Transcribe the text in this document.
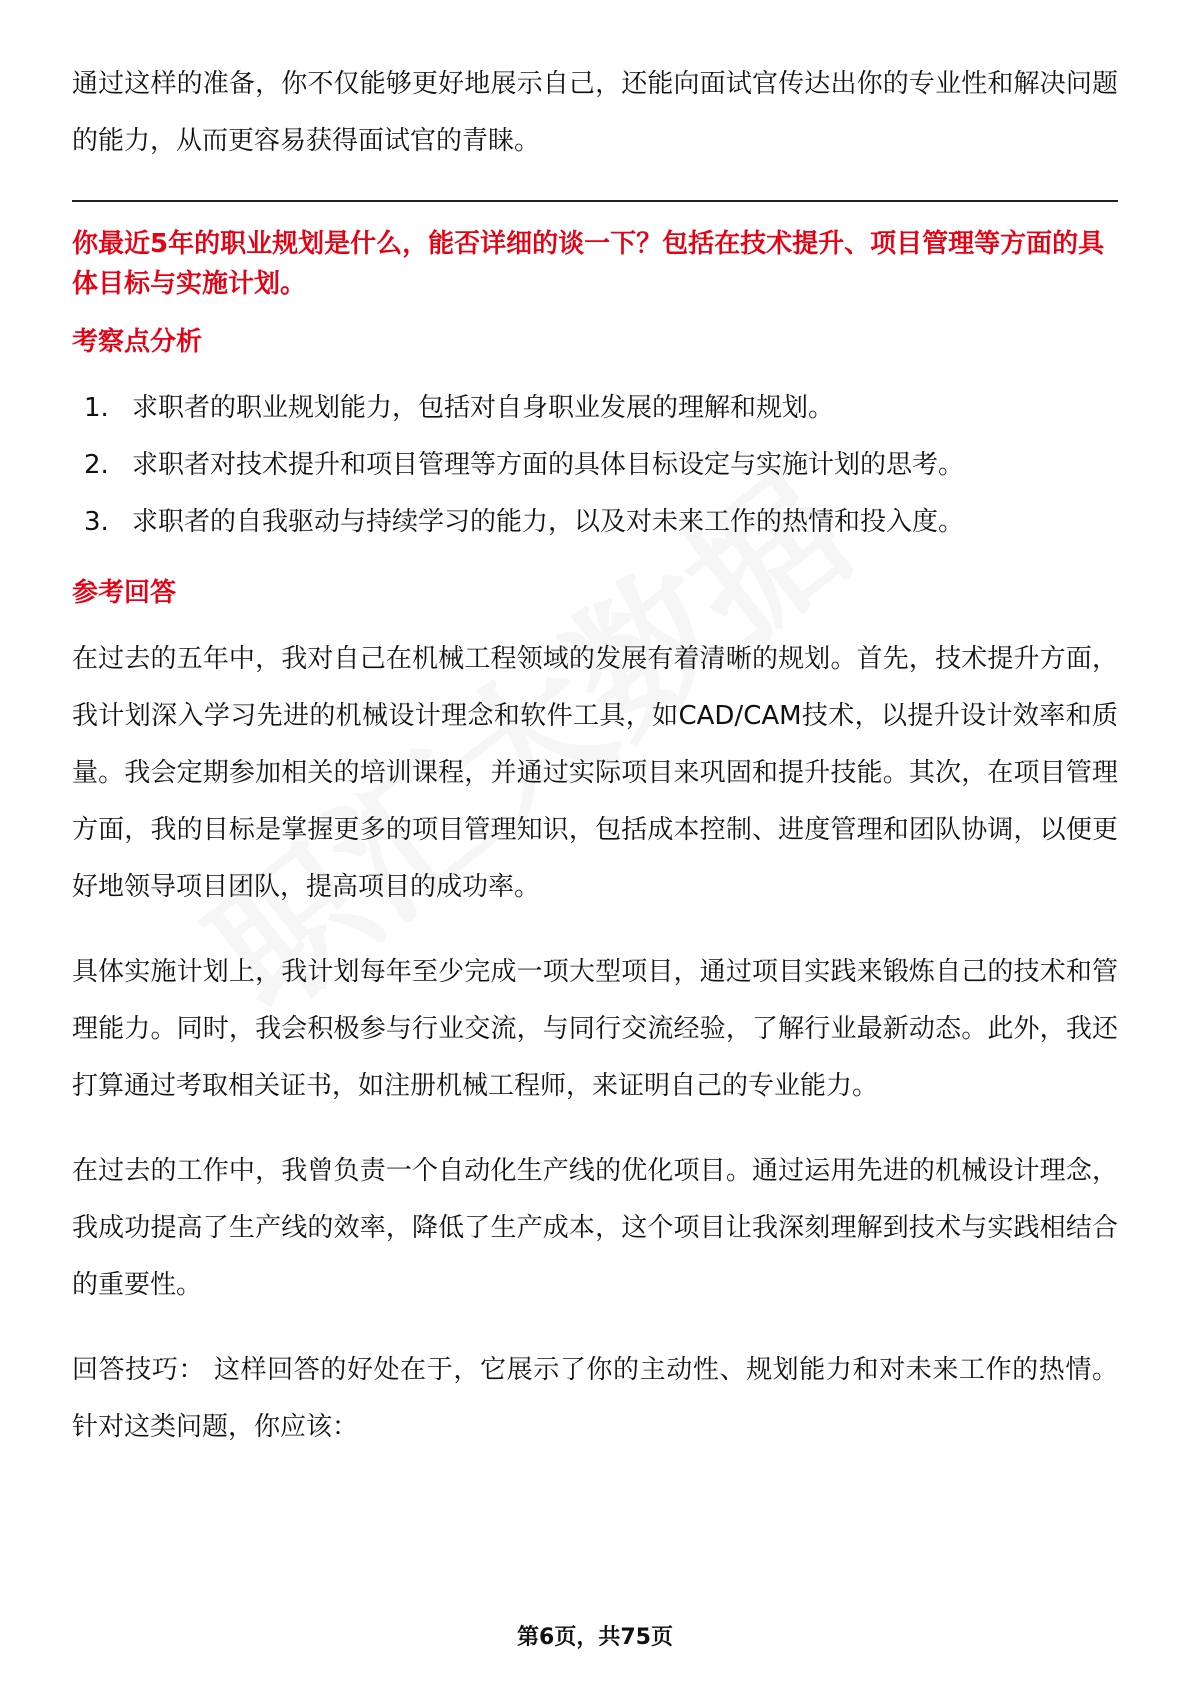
通过这样的准备，你不仅能够更好地展示自己，还能向面试官传达出你的专业性和解决问题的能力，从而更容易获得面试官的青睐。

你最近5年的职业规划是什么，能否详细的谈一下？包括在技术提升、项目管理等方面的具体目标与实施计划。

考察点分析
1. 求职者的职业规划能力，包括对自身职业发展的理解和规划。
2. 求职者对技术提升和项目管理等方面的具体目标设定与实施计划的思考。
3. 求职者的自我驱动与持续学习的能力，以及对未来工作的热情和投入度。
参考回答

在过去的五年中，我对自己在机械工程领域的发展有着清晰的规划。首先，技术提升方面，我计划深入学习先进的机械设计理念和软件工具，如CAD/CAM技术，以提升设计效率和质量。我会定期参加相关的培训课程，并通过实际项目来巩固和提升技能。其次，在项目管理方面，我的目标是掌握更多的项目管理知识，包括成本控制、进度管理和团队协调，以便更好地领导项目团队，提高项目的成功率。

具体实施计划上，我计划每年至少完成一项大型项目，通过项目实践来锻炼自己的技术和管理能力。同时，我会积极参与行业交流，与同行交流经验，了解行业最新动态。此外，我还打算通过考取相关证书，如注册机械工程师，来证明自己的专业能力。

在过去的工作中，我曾负责一个自动化生产线的优化项目。通过运用先进的机械设计理念，我成功提高了生产线的效率，降低了生产成本，这个项目让我深刻理解到技术与实践相结合的重要性。

回答技巧： 这样回答的好处在于，它展示了你的主动性、规划能力和对未来工作的热情。针对这类问题，你应该：

第6页，共75页
